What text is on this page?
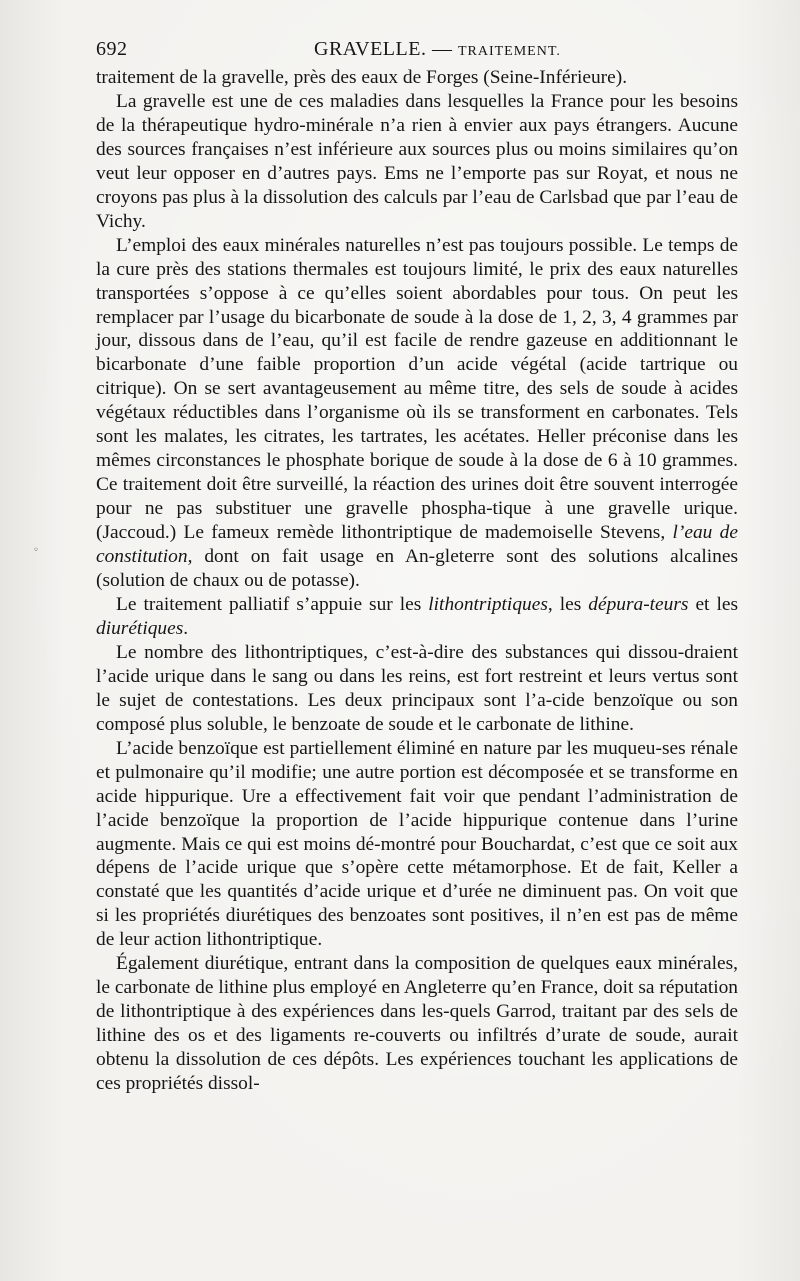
692	GRAVELLE. — TRAITEMENT.
◦

traitement de la gravelle, près des eaux de Forges (Seine-Inférieure).

La gravelle est une de ces maladies dans lesquelles la France pour les besoins de la thérapeutique hydro-minérale n’a rien à envier aux pays étrangers. Aucune des sources françaises n’est inférieure aux sources plus ou moins similaires qu’on veut leur opposer en d’autres pays. Ems ne l’emporte pas sur Royat, et nous ne croyons pas plus à la dissolution des calculs par l’eau de Carlsbad que par l’eau de Vichy.

L’emploi des eaux minérales naturelles n’est pas toujours possible. Le temps de la cure près des stations thermales est toujours limité, le prix des eaux naturelles transportées s’oppose à ce qu’elles soient abordables pour tous. On peut les remplacer par l’usage du bicarbonate de soude à la dose de 1, 2, 3, 4 grammes par jour, dissous dans de l’eau, qu’il est facile de rendre gazeuse en additionnant le bicarbonate d’une faible proportion d’un acide végétal (acide tartrique ou citrique). On se sert avantageusement au même titre, des sels de soude à acides végétaux réductibles dans l’organisme où ils se transforment en carbonates. Tels sont les malates, les citrates, les tartrates, les acétates. Heller préconise dans les mêmes circonstances le phosphate borique de soude à la dose de 6 à 10 grammes. Ce traitement doit être surveillé, la réaction des urines doit être souvent interrogée pour ne pas substituer une gravelle phospha-tique à une gravelle urique. (Jaccoud.) Le fameux remède lithontriptique de mademoiselle Stevens, l’eau de constitution, dont on fait usage en An-gleterre sont des solutions alcalines (solution de chaux ou de potasse).

Le traitement palliatif s’appuie sur les lithontriptiques, les dépura-teurs et les diurétiques.

Le nombre des lithontriptiques, c’est-à-dire des substances qui dissou-draient l’acide urique dans le sang ou dans les reins, est fort restreint et leurs vertus sont le sujet de contestations. Les deux principaux sont l’a-cide benzoïque ou son composé plus soluble, le benzoate de soude et le carbonate de lithine.

L’acide benzoïque est partiellement éliminé en nature par les muqueu-ses rénale et pulmonaire qu’il modifie; une autre portion est décomposée et se transforme en acide hippurique. Ure a effectivement fait voir que pendant l’administration de l’acide benzoïque la proportion de l’acide hippurique contenue dans l’urine augmente. Mais ce qui est moins dé-montré pour Bouchardat, c’est que ce soit aux dépens de l’acide urique que s’opère cette métamorphose. Et de fait, Keller a constaté que les quantités d’acide urique et d’urée ne diminuent pas. On voit que si les propriétés diurétiques des benzoates sont positives, il n’en est pas de même de leur action lithontriptique.

Également diurétique, entrant dans la composition de quelques eaux minérales, le carbonate de lithine plus employé en Angleterre qu’en France, doit sa réputation de lithontriptique à des expériences dans les-quels Garrod, traitant par des sels de lithine des os et des ligaments re-couverts ou infiltrés d’urate de soude, aurait obtenu la dissolution de ces dépôts. Les expériences touchant les applications de ces propriétés dissol-
